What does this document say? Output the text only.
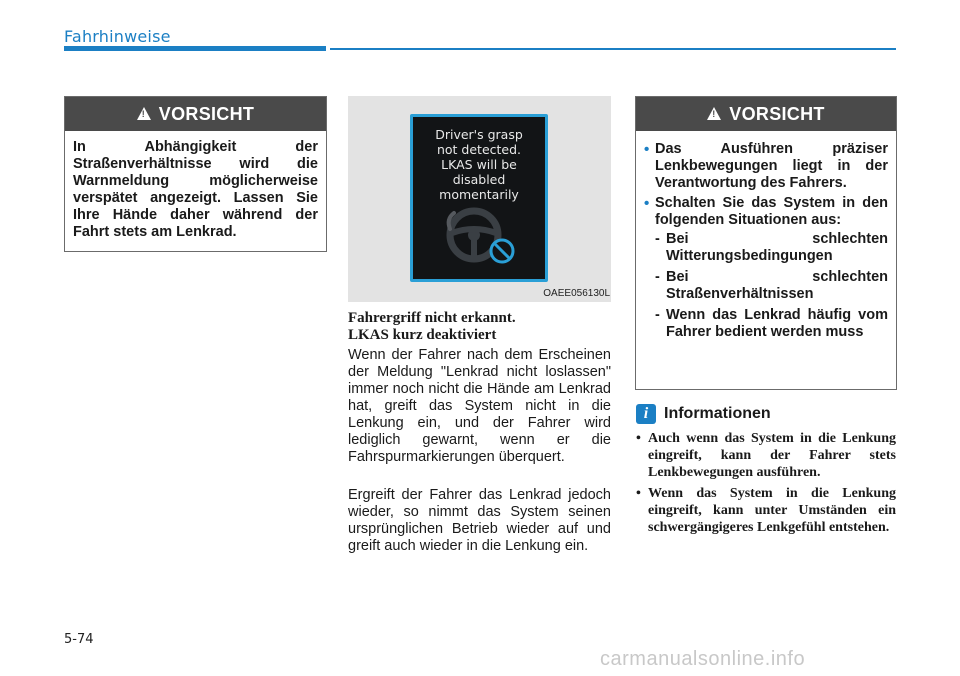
Fahrhinweise
!
VORSICHT
In Abhängigkeit der Straßenverhältnisse wird die Warnmeldung möglicherweise verspätet angezeigt. Lassen Sie Ihre Hände daher während der Fahrt stets am Lenkrad.
Driver's grasp
not detected.
LKAS will be
disabled
momentarily
OAEE056130L
Fahrergriff nicht erkannt.
LKAS kurz deaktiviert
Wenn der Fahrer nach dem Erscheinen der Meldung "Lenkrad nicht loslassen" immer noch nicht die Hände am Lenkrad hat, greift das System nicht in die Lenkung ein, und der Fahrer wird lediglich gewarnt, wenn er die Fahrspurmarkierungen überquert.
Ergreift der Fahrer das Lenkrad jedoch wieder, so nimmt das System seinen ursprünglichen Betrieb wieder auf und greift auch wieder in die Lenkung ein.
!
VORSICHT
• Das Ausführen präziser Lenkbewegungen liegt in der Verantwortung des Fahrers.
• Schalten Sie das System in den folgenden Situationen aus:
- Bei schlechten Witterungsbedingungen
- Bei schlechten Straßenverhältnissen
- Wenn das Lenkrad häufig vom Fahrer bedient werden muss
i Informationen
• Auch wenn das System in die Lenkung eingreift, kann der Fahrer stets Lenkbewegungen ausführen.
• Wenn das System in die Lenkung eingreift, kann unter Umständen ein schwergängigeres Lenkgefühl entstehen.
5-74
carmanualsonline.info
